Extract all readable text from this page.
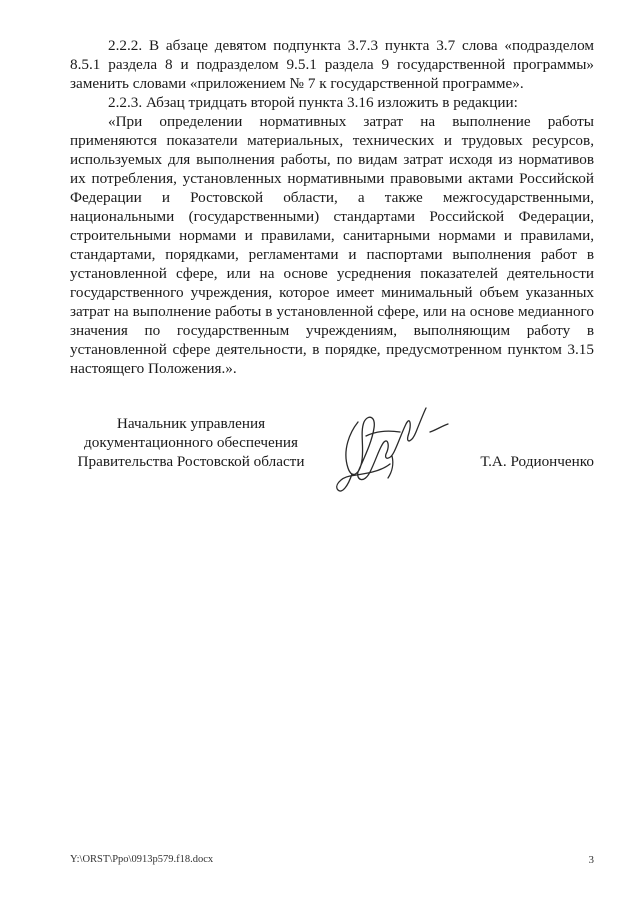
2.2.2. В абзаце девятом подпункта 3.7.3 пункта 3.7 слова «подразделом 8.5.1 раздела 8 и подразделом 9.5.1 раздела 9 государственной программы» заменить словами «приложением № 7 к государственной программе».

2.2.3. Абзац тридцать второй пункта 3.16 изложить в редакции:

«При определении нормативных затрат на выполнение работы применяются показатели материальных, технических и трудовых ресурсов, используемых для выполнения работы, по видам затрат исходя из нормативов их потребления, установленных нормативными правовыми актами Российской Федерации и Ростовской области, а также межгосударственными, национальными (государственными) стандартами Российской Федерации, строительными нормами и правилами, санитарными нормами и правилами, стандартами, порядками, регламентами и паспортами выполнения работ в установленной сфере, или на основе усреднения показателей деятельности государственного учреждения, которое имеет минимальный объем указанных затрат на выполнение работы в установленной сфере, или на основе медианного значения по государственным учреждениям, выполняющим работу в установленной сфере деятельности, в порядке, предусмотренном пунктом 3.15 настоящего Положения.».

Начальник управления
документационного обеспечения
Правительства Ростовской области	Т.А. Родионченко
Y:\ORST\Ppo\0913p579.f18.docx	3
